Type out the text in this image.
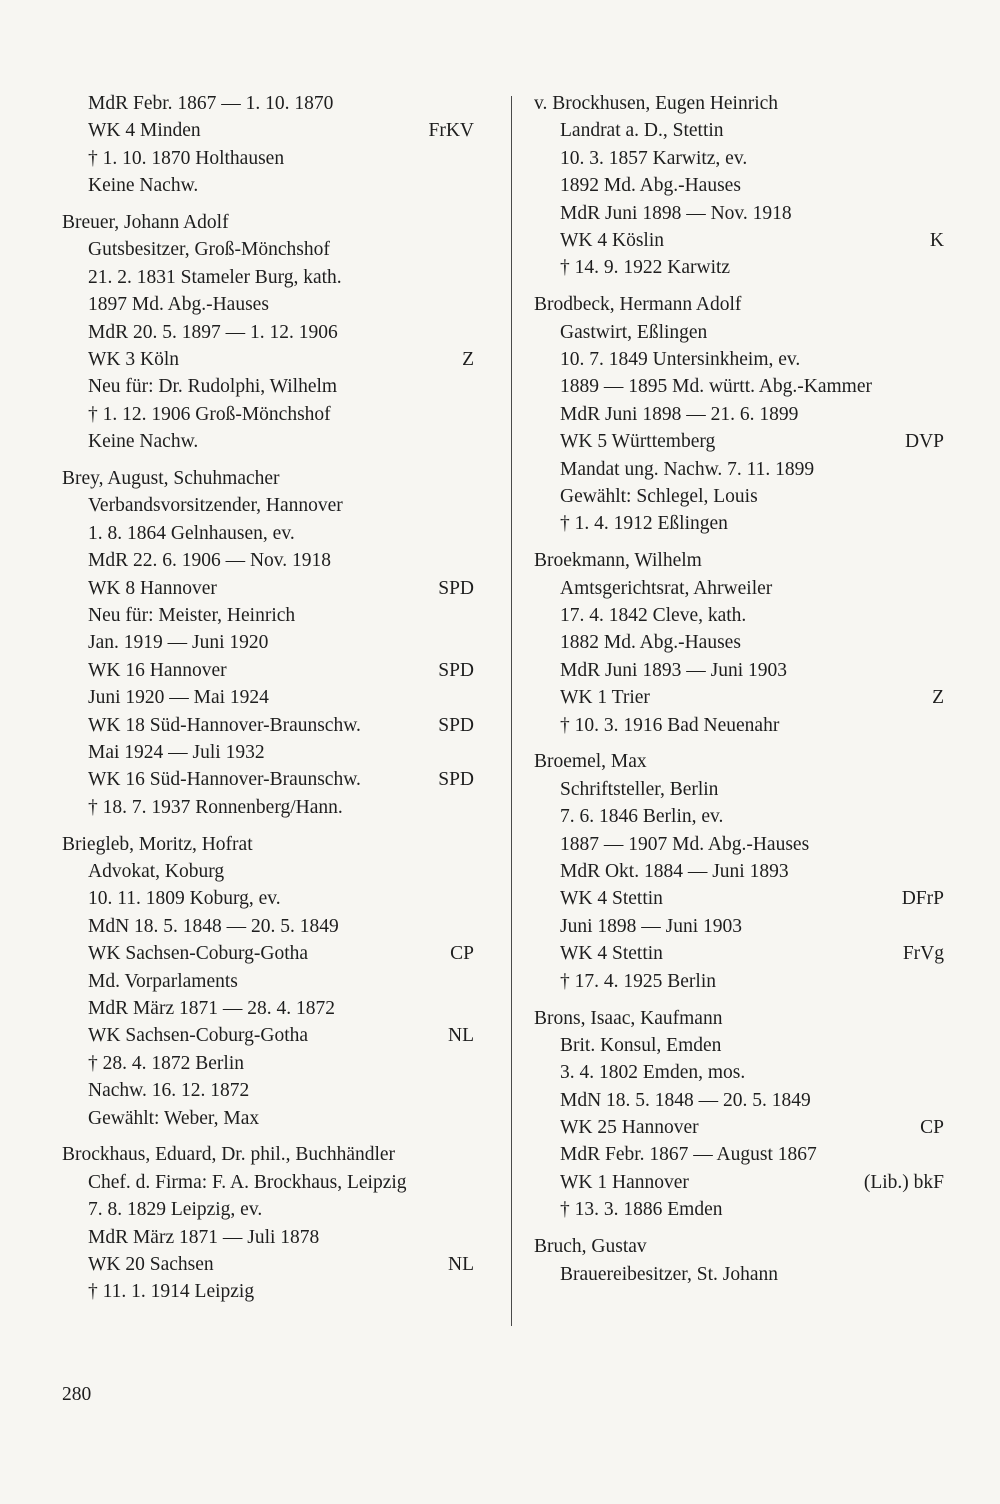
MdR Febr. 1867 — 1. 10. 1870
WK 4 Minden	FrKV
† 1. 10. 1870 Holthausen
Keine Nachw.
Breuer, Johann Adolf
Gutsbesitzer, Groß-Mönchshof
21. 2. 1831 Stameler Burg, kath.
1897 Md. Abg.-Hauses
MdR 20. 5. 1897 — 1. 12. 1906
WK 3 Köln	Z
Neu für: Dr. Rudolphi, Wilhelm
† 1. 12. 1906 Groß-Mönchshof
Keine Nachw.
Brey, August, Schuhmacher
Verbandsvorsitzender, Hannover
1. 8. 1864 Gelnhausen, ev.
MdR 22. 6. 1906 — Nov. 1918
WK 8 Hannover	SPD
Neu für: Meister, Heinrich
Jan. 1919 — Juni 1920
WK 16 Hannover	SPD
Juni 1920 — Mai 1924
WK 18 Süd-Hannover-Braunschw.	SPD
Mai 1924 — Juli 1932
WK 16 Süd-Hannover-Braunschw.	SPD
† 18. 7. 1937 Ronnenberg/Hann.
Briegleb, Moritz, Hofrat
Advokat, Koburg
10. 11. 1809 Koburg, ev.
MdN 18. 5. 1848 — 20. 5. 1849
WK Sachsen-Coburg-Gotha	CP
Md. Vorparlaments
MdR März 1871 — 28. 4. 1872
WK Sachsen-Coburg-Gotha	NL
† 28. 4. 1872 Berlin
Nachw. 16. 12. 1872
Gewählt: Weber, Max
Brockhaus, Eduard, Dr. phil., Buchhändler
Chef. d. Firma: F. A. Brockhaus, Leipzig
7. 8. 1829 Leipzig, ev.
MdR März 1871 — Juli 1878
WK 20 Sachsen	NL
† 11. 1. 1914 Leipzig
v. Brockhusen, Eugen Heinrich
Landrat a. D., Stettin
10. 3. 1857 Karwitz, ev.
1892 Md. Abg.-Hauses
MdR Juni 1898 — Nov. 1918
WK 4 Köslin	K
† 14. 9. 1922 Karwitz
Brodbeck, Hermann Adolf
Gastwirt, Eßlingen
10. 7. 1849 Untersinkheim, ev.
1889 — 1895 Md. württ. Abg.-Kammer
MdR Juni 1898 — 21. 6. 1899
WK 5 Württemberg	DVP
Mandat ung. Nachw. 7. 11. 1899
Gewählt: Schlegel, Louis
† 1. 4. 1912 Eßlingen
Broekmann, Wilhelm
Amtsgerichtsrat, Ahrweiler
17. 4. 1842 Cleve, kath.
1882 Md. Abg.-Hauses
MdR Juni 1893 — Juni 1903
WK 1 Trier	Z
† 10. 3. 1916 Bad Neuenahr
Broemel, Max
Schriftsteller, Berlin
7. 6. 1846 Berlin, ev.
1887 — 1907 Md. Abg.-Hauses
MdR Okt. 1884 — Juni 1893
WK 4 Stettin	DFrP
Juni 1898 — Juni 1903
WK 4 Stettin	FrVg
† 17. 4. 1925 Berlin
Brons, Isaac, Kaufmann
Brit. Konsul, Emden
3. 4. 1802 Emden, mos.
MdN 18. 5. 1848 — 20. 5. 1849
WK 25 Hannover	CP
MdR Febr. 1867 — August 1867
WK 1 Hannover	(Lib.) bkF
† 13. 3. 1886 Emden
Bruch, Gustav
Brauereibesitzer, St. Johann
280
